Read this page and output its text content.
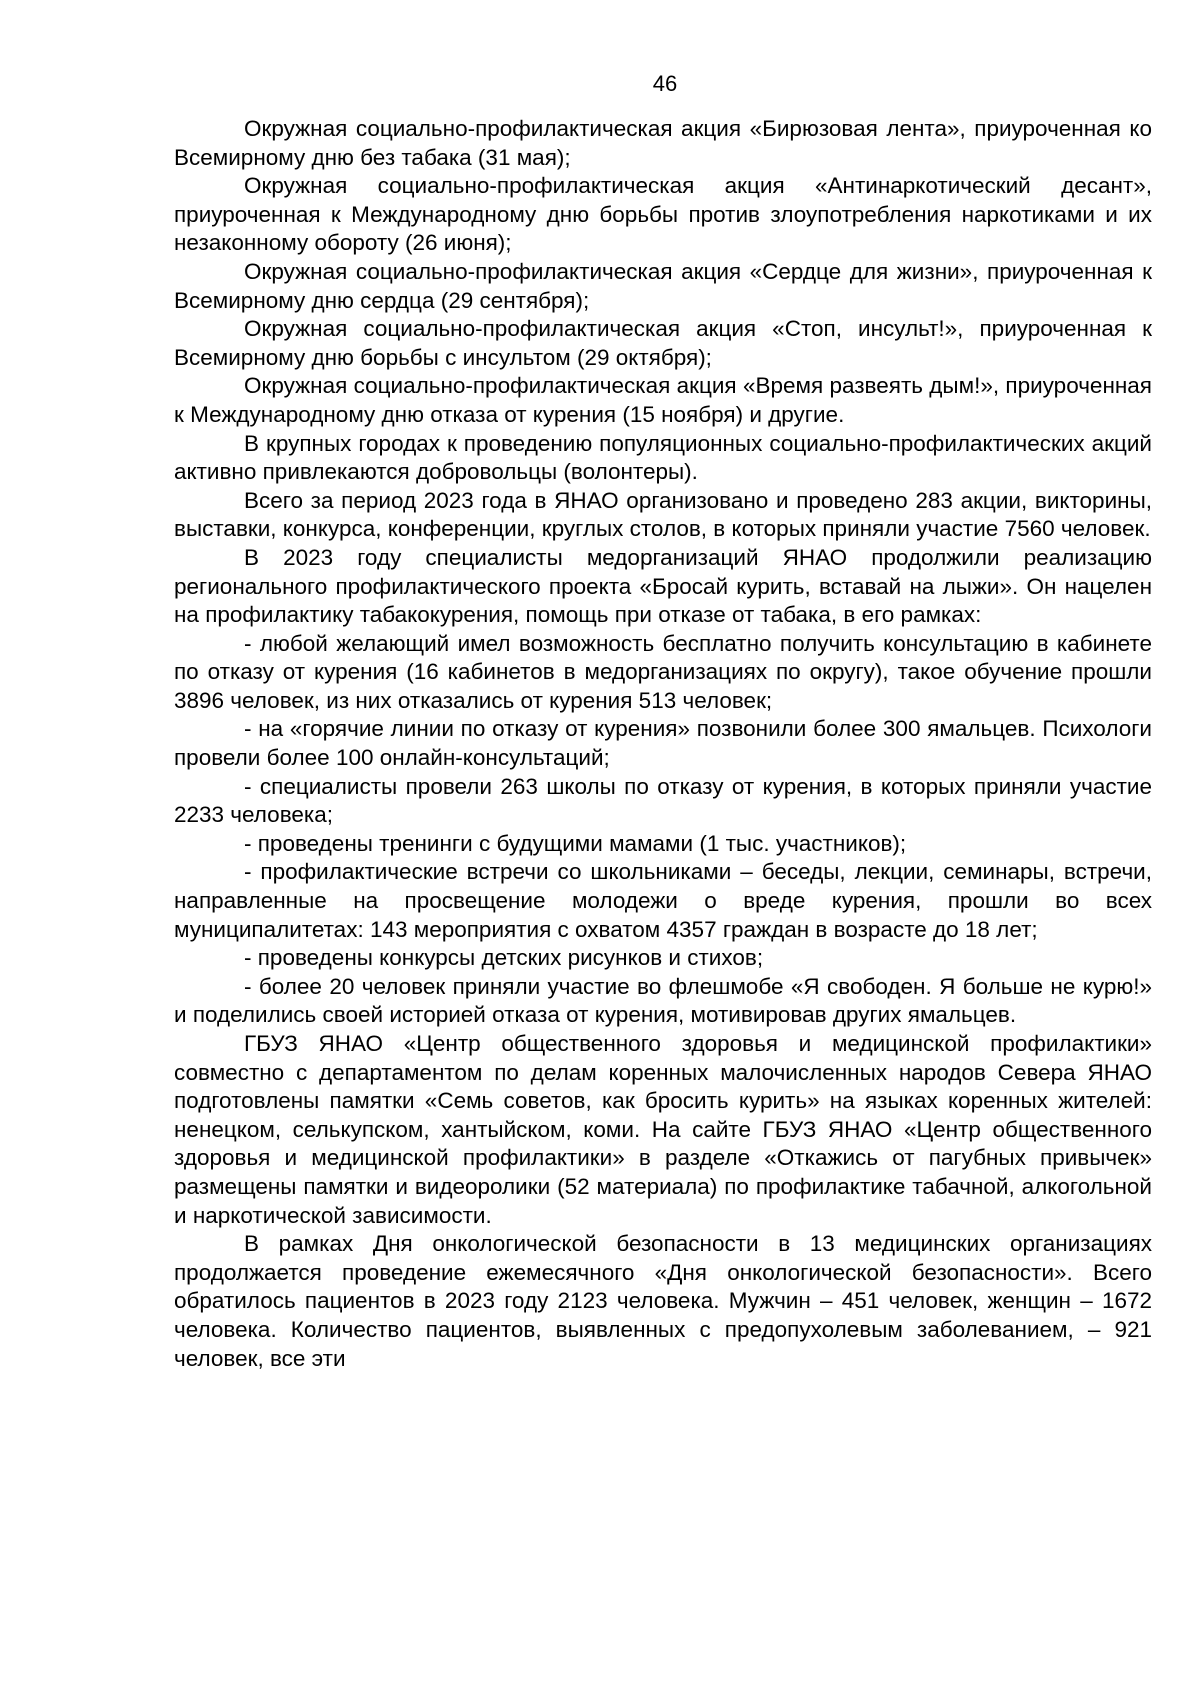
46

Окружная социально-профилактическая акция «Бирюзовая лента», приуроченная ко Всемирному дню без табака (31 мая);

Окружная социально-профилактическая акция «Антинаркотический десант», приуроченная к Международному дню борьбы против злоупотребления наркотиками и их незаконному обороту (26 июня);

Окружная социально-профилактическая акция «Сердце для жизни», приуроченная к Всемирному дню сердца (29 сентября);

Окружная социально-профилактическая акция «Стоп, инсульт!», приуроченная к Всемирному дню борьбы с инсультом (29 октября);

Окружная социально-профилактическая акция «Время развеять дым!», приуроченная к Международному дню отказа от курения (15 ноября) и другие.

В крупных городах к проведению популяционных социально-профилактических акций активно привлекаются добровольцы (волонтеры).

Всего за период 2023 года в ЯНАО организовано и проведено 283 акции, викторины, выставки, конкурса, конференции, круглых столов, в которых приняли участие 7560 человек.

В 2023 году специалисты медорганизаций ЯНАО продолжили реализацию регионального профилактического проекта «Бросай курить, вставай на лыжи». Он нацелен на профилактику табакокурения, помощь при отказе от табака, в его рамках:

- любой желающий имел возможность бесплатно получить консультацию в кабинете по отказу от курения (16 кабинетов в медорганизациях по округу), такое обучение прошли 3896 человек, из них отказались от курения 513 человек;

- на «горячие линии по отказу от курения» позвонили более 300 ямальцев. Психологи провели более 100 онлайн-консультаций;

- специалисты провели 263 школы по отказу от курения, в которых приняли участие 2233 человека;

- проведены тренинги с будущими мамами (1 тыс. участников);

- профилактические встречи со школьниками – беседы, лекции, семинары, встречи, направленные на просвещение молодежи о вреде курения, прошли во всех муниципалитетах: 143 мероприятия с охватом 4357 граждан в возрасте до 18 лет;

- проведены конкурсы детских рисунков и стихов;

- более 20 человек приняли участие во флешмобе «Я свободен. Я больше не курю!» и поделились своей историей отказа от курения, мотивировав других ямальцев.

ГБУЗ ЯНАО «Центр общественного здоровья и медицинской профилактики» совместно с департаментом по делам коренных малочисленных народов Севера ЯНАО подготовлены памятки «Семь советов, как бросить курить» на языках коренных жителей: ненецком, селькупском, хантыйском, коми. На сайте ГБУЗ ЯНАО «Центр общественного здоровья и медицинской профилактики» в разделе «Откажись от пагубных привычек» размещены памятки и видеоролики (52 материала) по профилактике табачной, алкогольной и наркотической зависимости.

В рамках Дня онкологической безопасности в 13 медицинских организациях продолжается проведение ежемесячного «Дня онкологической безопасности». Всего обратилось пациентов в 2023 году 2123 человека. Мужчин – 451 человек, женщин – 1672 человека. Количество пациентов, выявленных с предопухолевым заболеванием, – 921 человек, все эти
